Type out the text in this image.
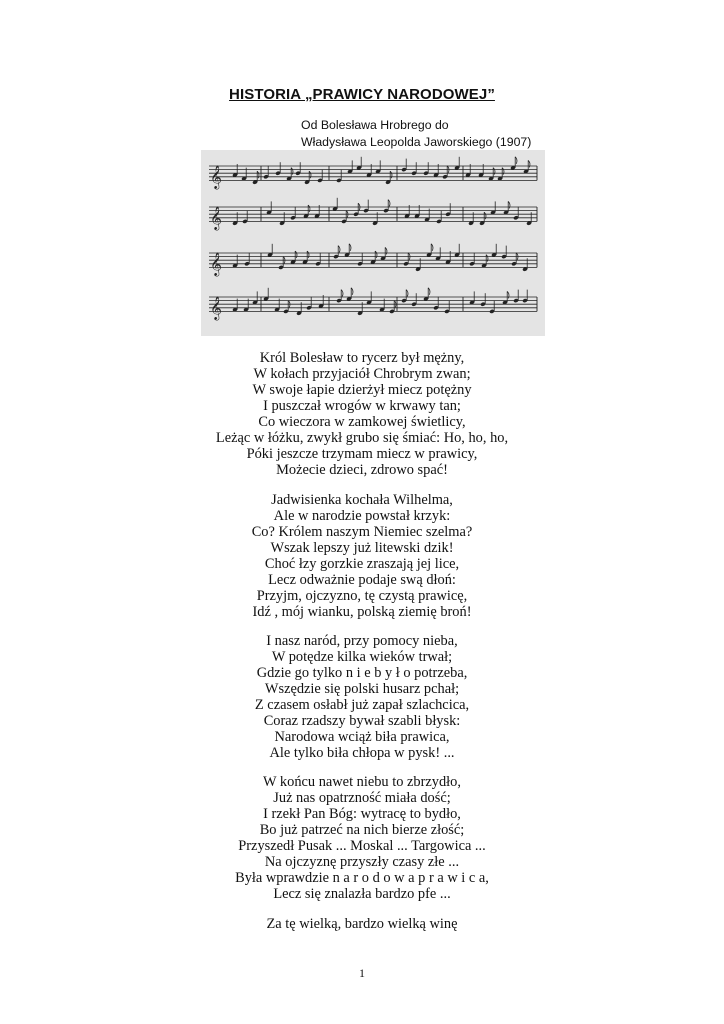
HISTORIA „PRAWICY NARODOWEJ”
Od Bolesława Hrobrego do
Władysława Leopolda Jaworskiego (1907)
𝄞
𝄞
𝄞
𝄞
Król Bolesław to rycerz był mężny,
W kołach przyjaciół Chrobrym zwan;
W swoje łapie dzierżył miecz potężny
I puszczał wrogów w krwawy tan;
Co wieczora w zamkowej świetlicy,
Leżąc w łóżku, zwykł grubo się śmiać: Ho, ho, ho,
Póki jeszcze trzymam miecz w prawicy,
Możecie dzieci, zdrowo spać!
Jadwisienka kochała Wilhelma,
Ale w narodzie powstał krzyk:
Co? Królem naszym Niemiec szelma?
Wszak lepszy już litewski dzik!
Choć łzy gorzkie zraszają jej lice,
Lecz odważnie podaje swą dłoń:
Przyjm, ojczyzno, tę czystą prawicę,
Idź , mój wianku, polską ziemię broń!
I nasz naród, przy pomocy nieba,
W potędze kilka wieków trwał;
Gdzie go tylko n i e b y ł o potrzeba,
Wszędzie się polski husarz pchał;
Z czasem osłabł już zapał szlachcica,
Coraz rzadszy bywał szabli błysk:
Narodowa wciąż biła prawica,
Ale tylko biła chłopa w pysk! ...
W końcu nawet niebu to zbrzydło,
Już nas opatrzność miała dość;
I rzekł Pan Bóg: wytracę to bydło,
Bo już patrzeć na nich bierze złość;
Przyszedł Pusak ... Moskal ... Targowica ...
Na ojczyznę przyszły czasy złe ...
Była wprawdzie n a r o d o w a p r a w i c a,
Lecz się znalazła bardzo pfe ...
Za tę wielką, bardzo wielką winę
1
